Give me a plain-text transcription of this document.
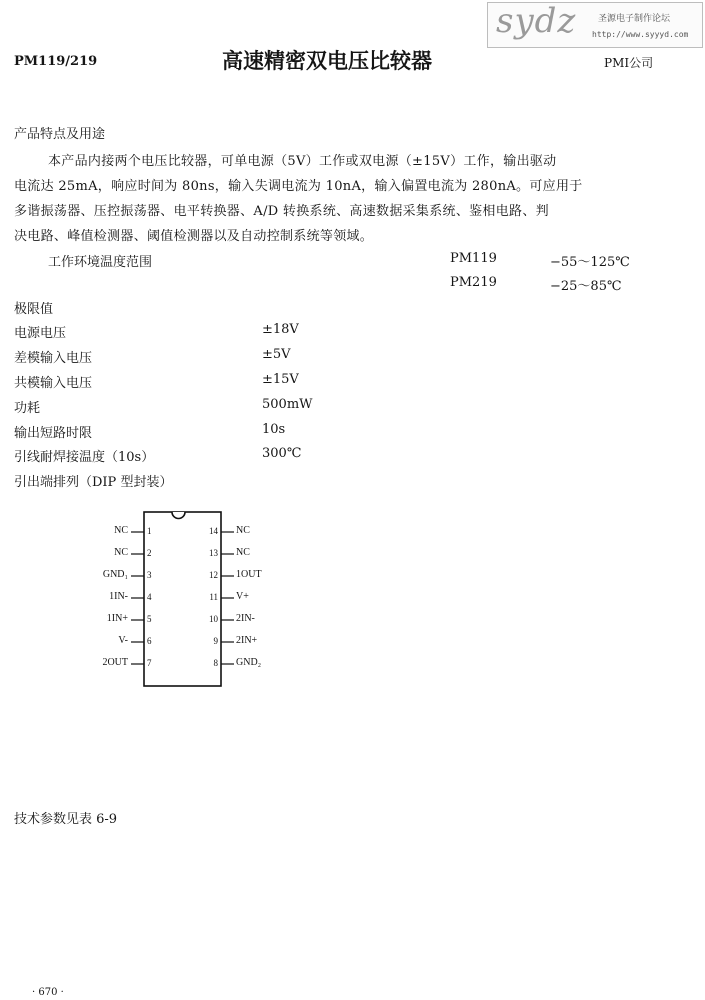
sydz 圣源电子制作论坛
http://www.syyyd.com
PM119/219	高速精密双电压比较器	PMI公司
产品特点及用途
本产品内接两个电压比较器，可单电源（5V）工作或双电源（±15V）工作，输出驱动
电流达 25mA，响应时间为 80ns，输入失调电流为 10nA，输入偏置电流为 280nA。可应用于
多谐振荡器、压控振荡器、电平转换器、A/D 转换系统、高速数据采集系统、鉴相电路、判
决电路、峰值检测器、阈值检测器以及自动控制系统等领域。
工作环境温度范围	PM119	−55～125℃
PM219	−25～85℃
极限值
电源电压	±18V
差模输入电压	±5V
共模输入电压	±15V
功耗	500mW
输出短路时限	10s
引线耐焊接温度（10s）	300℃
引出端排列（DIP 型封装）
NC
NC
GND₁
1IN-
1IN+
V-
2OUT
1
2
3
4
5
6
7
14
13
12
11
10
9
8
NC
NC
1OUT
V+
2IN-
2IN+
GND₂
技术参数见表 6-9
· 670 ·
